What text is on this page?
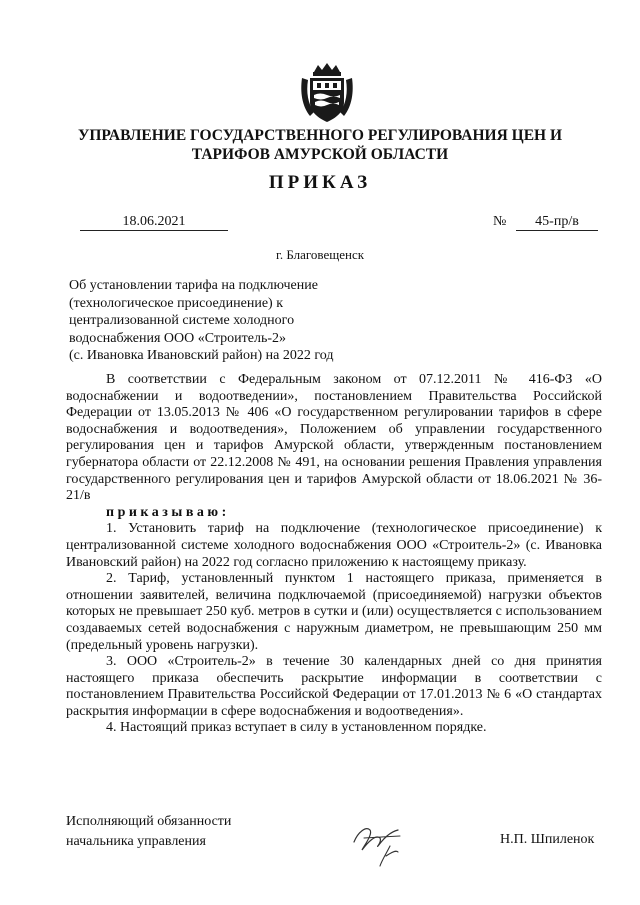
УПРАВЛЕНИЕ ГОСУДАРСТВЕННОГО РЕГУЛИРОВАНИЯ ЦЕН И ТАРИФОВ АМУРСКОЙ ОБЛАСТИ
ПРИКАЗ
18.06.2021	№	45-пр/в
г. Благовещенск
Об установлении тарифа на подключение
(технологическое присоединение) к
централизованной системе холодного
водоснабжения ООО «Строитель-2»
(с. Ивановка Ивановский район) на 2022 год

В соответствии с Федеральным законом от 07.12.2011 № 416-ФЗ «О водоснабжении и водоотведении», постановлением Правительства Российской Федерации от 13.05.2013 № 406 «О государственном регулировании тарифов в сфере водоснабжения и водоотведения», Положением об управлении государственного регулирования цен и тарифов Амурской области, утвержденным постановлением губернатора области от 22.12.2008 № 491, на основании решения Правления управления государственного регулирования цен и тарифов Амурской области от 18.06.2021 № 36-21/в

приказываю:

1. Установить тариф на подключение (технологическое присоединение) к централизованной системе холодного водоснабжения ООО «Строитель-2» (с. Ивановка Ивановский район) на 2022 год согласно приложению к настоящему приказу.

2. Тариф, установленный пунктом 1 настоящего приказа, применяется в отношении заявителей, величина подключаемой (присоединяемой) нагрузки объектов которых не превышает 250 куб. метров в сутки и (или) осуществляется с использованием создаваемых сетей водоснабжения с наружным диаметром, не превышающим 250 мм (предельный уровень нагрузки).

3. ООО «Строитель-2» в течение 30 календарных дней со дня принятия настоящего приказа обеспечить раскрытие информации в соответствии с постановлением Правительства Российской Федерации от 17.01.2013 № 6 «О стандартах раскрытия информации в сфере водоснабжения и водоотведения».

4. Настоящий приказ вступает в силу в установленном порядке.

Исполняющий обязанности
начальника управления	Н.П. Шпиленок
